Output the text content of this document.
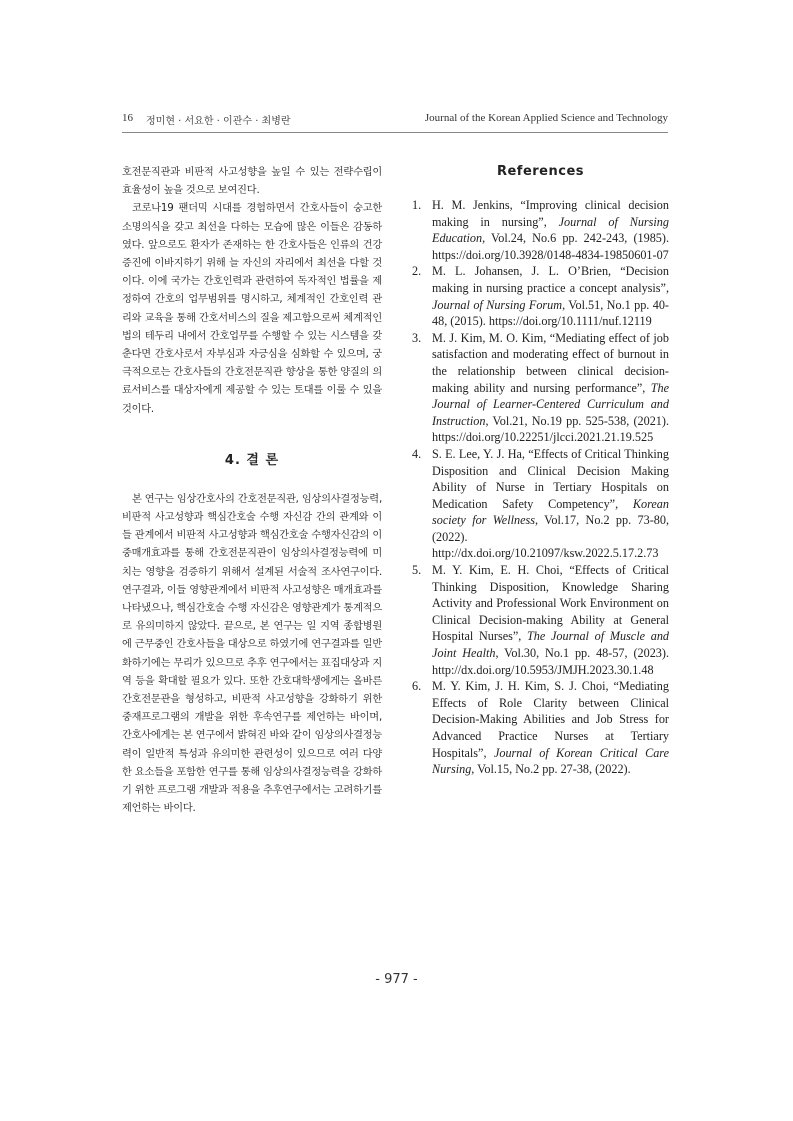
16 정미현 · 서요한 · 이관수 · 최병란	Journal of the Korean Applied Science and Technology

호전문직관과 비판적 사고성향을 높일 수 있는 전략수립이 효율성이 높을 것으로 보여진다.

코로나19 팬더믹 시대를 경험하면서 간호사들이 숭고한 소명의식을 갖고 최선을 다하는 모습에 많은 이들은 감동하였다. 앞으로도 환자가 존재하는 한 간호사들은 인류의 건강증진에 이바지하기 위해 늘 자신의 자리에서 최선을 다할 것이다. 이에 국가는 간호인력과 관련하여 독자적인 법률을 제정하여 간호의 업무범위를 명시하고, 체계적인 간호인력 관리와 교육을 통해 간호서비스의 질을 제고함으로써 체계적인 법의 테두리 내에서 간호업무를 수행할 수 있는 시스템을 갖춘다면 간호사로서 자부심과 자긍심을 심화할 수 있으며, 궁극적으로는 간호사들의 간호전문직관 향상을 통한 양질의 의료서비스를 대상자에게 제공할 수 있는 토대를 이룰 수 있을 것이다.

4. 결 론

본 연구는 임상간호사의 간호전문직관, 임상의사결정능력, 비판적 사고성향과 핵심간호술 수행 자신감 간의 관계와 이들 관계에서 비판적 사고성향과 핵심간호술 수행자신감의 이중매개효과를 통해 간호전문직관이 임상의사결정능력에 미치는 영향을 검증하기 위해서 설계된 서술적 조사연구이다. 연구결과, 이들 영향관계에서 비판적 사고성향은 매개효과를 나타냈으나, 핵심간호술 수행 자신감은 영향관계가 통계적으로 유의미하지 않았다. 끝으로, 본 연구는 일 지역 종합병원에 근무중인 간호사들을 대상으로 하였기에 연구결과를 일반화하기에는 무리가 있으므로 추후 연구에서는 표집대상과 지역 등을 확대할 필요가 있다. 또한 간호대학생에게는 올바른 간호전문관을 형성하고, 비판적 사고성향을 강화하기 위한 중재프로그램의 개발을 위한 후속연구를 제언하는 바이며, 간호사에게는 본 연구에서 밝혀진 바와 같이 임상의사결정능력이 일반적 특성과 유의미한 관련성이 있으므로 여러 다양한 요소들을 포함한 연구를 통해 임상의사결정능력을 강화하기 위한 프로그램 개발과 적용을 추후연구에서는 고려하기를 제언하는 바이다.

References
1. H. M. Jenkins, “Improving clinical decision making in nursing”, Journal of Nursing Education, Vol.24, No.6 pp. 242-243, (1985). https://doi.org/10.3928/0148-4834-19850601-07
2. M. L. Johansen, J. L. O’Brien, “Decision making in nursing practice a concept analysis”, Journal of Nursing Forum, Vol.51, No.1 pp. 40-48, (2015). https://doi.org/10.1111/nuf.12119
3. M. J. Kim, M. O. Kim, “Mediating effect of job satisfaction and moderating effect of burnout in the relationship between clinical decision-making ability and nursing performance”, The Journal of Learner-Centered Curriculum and Instruction, Vol.21, No.19 pp. 525-538, (2021). https://doi.org/10.22251/jlcci.2021.21.19.525
4. S. E. Lee, Y. J. Ha, “Effects of Critical Thinking Disposition and Clinical Decision Making Ability of Nurse in Tertiary Hospitals on Medication Safety Competency”, Korean society for Wellness, Vol.17, No.2 pp. 73-80, (2022). http://dx.doi.org/10.21097/ksw.2022.5.17.2.73
5. M. Y. Kim, E. H. Choi, “Effects of Critical Thinking Disposition, Knowledge Sharing Activity and Professional Work Environment on Clinical Decision-making Ability at General Hospital Nurses”, The Journal of Muscle and Joint Health, Vol.30, No.1 pp. 48-57, (2023). http://dx.doi.org/10.5953/JMJH.2023.30.1.48
6. M. Y. Kim, J. H. Kim, S. J. Choi, “Mediating Effects of Role Clarity between Clinical Decision-Making Abilities and Job Stress for Advanced Practice Nurses at Tertiary Hospitals”, Journal of Korean Critical Care Nursing, Vol.15, No.2 pp. 27-38, (2022).
- 977 -
